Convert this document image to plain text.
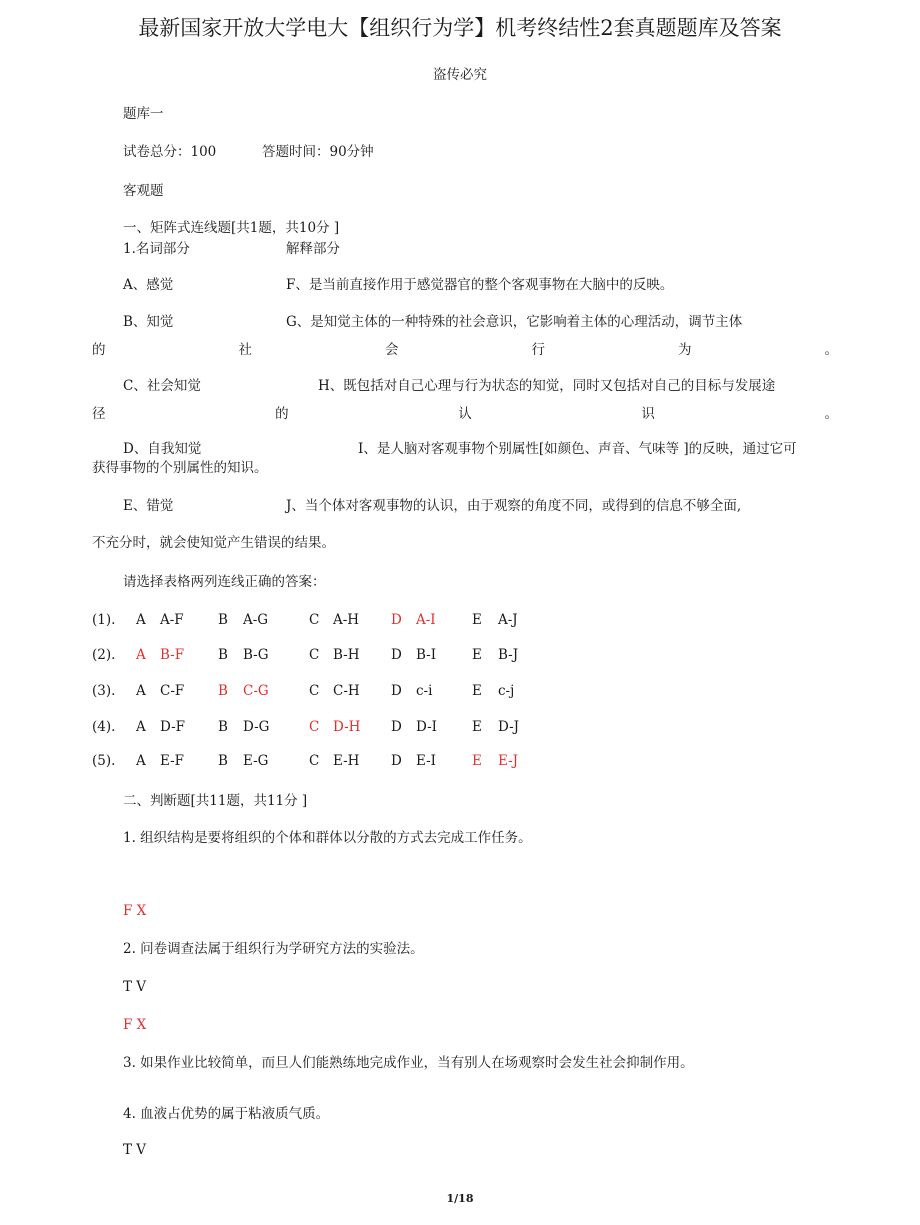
最新国家开放大学电大【组织行为学】机考终结性2套真题题库及答案
盗传必究
题库一
试卷总分：100	答题时间：90分钟
客观题
一、矩阵式连线题[共1题，共10分 ]
1.名词部分	解释部分
A、感觉	F、是当前直接作用于感觉器官的整个客观事物在大脑中的反映。
B、知觉	G、是知觉主体的一种特殊的社会意识，它影响着主体的心理活动，调节主体
的	社	会	行	为	。
C、社会知觉	H、既包括对自己心理与行为状态的知觉，同时又包括对自己的目标与发展途
径	的	认	识	。
D、自我知觉	I、是人脑对客观事物个别属性[如颜色、声音、气味等 ]的反映，通过它可
获得事物的个别属性的知识。
E、错觉	J、当个体对客观事物的认识，由于观察的角度不同，或得到的信息不够全面,
不充分时，就会使知觉产生错误的结果。
请选择表格两列连线正确的答案：
(1). A A-F	B A-G	C A-H D A-I	E A-J
(2). A B-F	B B-G	C B-H D B-I	E B-J
(3). A C-F B C-G	C C-H D c-i	E c-j
(4). A D-F B D-G	C D-H D D-I	E D-J
(5). A E-F	B E-G	C E-H D E-I	E E-J
二、判断题[共11题，共11分 ]
1. 组织结构是要将组织的个体和群体以分散的方式去完成工作任务。
F X
2. 问卷调查法属于组织行为学研究方法的实验法。
T V
F X
3. 如果作业比较简单，而旦人们能熟练地完成作业，当有别人在场观察时会发生社会抑制作用。
4. 血液占优势的属于粘液质气质。
T V
1/18
